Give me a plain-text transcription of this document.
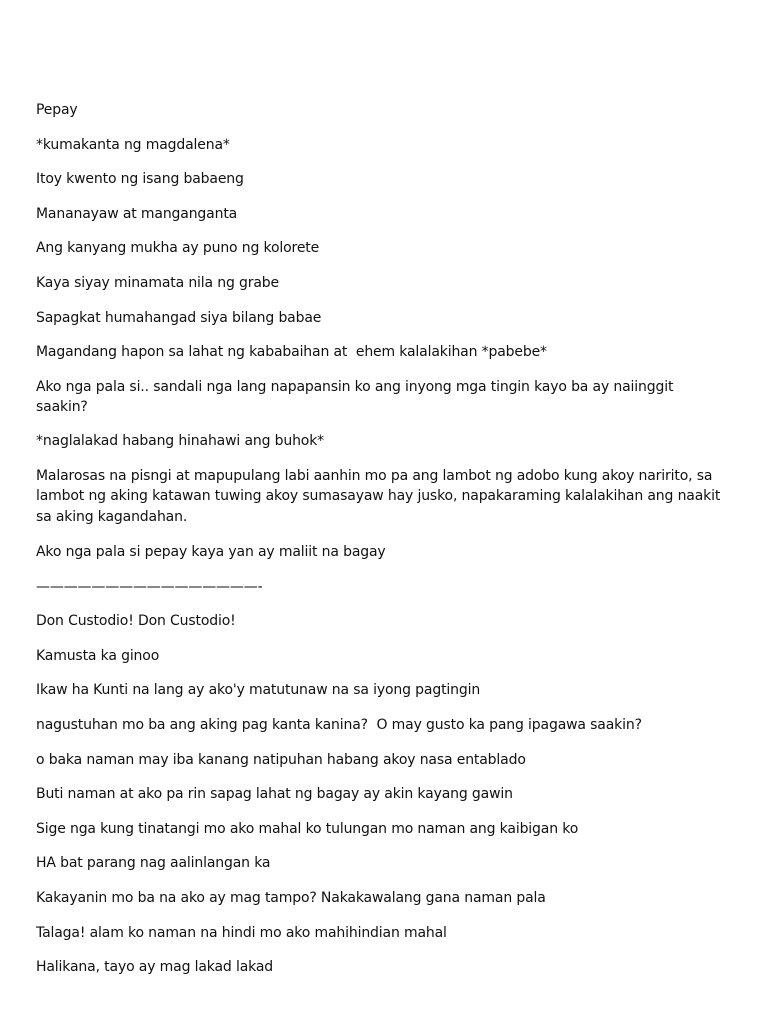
Pepay

*kumakanta ng magdalena*

Itoy kwento ng isang babaeng

Mananayaw at manganganta

Ang kanyang mukha ay puno ng kolorete

Kaya siyay minamata nila ng grabe

Sapagkat humahangad siya bilang babae

Magandang hapon sa lahat ng kababaihan at  ehem kalalakihan *pabebe*

Ako nga pala si.. sandali nga lang napapansin ko ang inyong mga tingin kayo ba ay naiinggit saakin?

*naglalakad habang hinahawi ang buhok*

Malarosas na pisngi at mapupulang labi aanhin mo pa ang lambot ng adobo kung akoy naririto, sa lambot ng aking katawan tuwing akoy sumasayaw hay jusko, napakaraming kalalakihan ang naakit sa aking kagandahan.

Ako nga pala si pepay kaya yan ay maliit na bagay

————————————————-

Don Custodio! Don Custodio!

Kamusta ka ginoo

Ikaw ha Kunti na lang ay ako'y matutunaw na sa iyong pagtingin

nagustuhan mo ba ang aking pag kanta kanina?  O may gusto ka pang ipagawa saakin?

o baka naman may iba kanang natipuhan habang akoy nasa entablado

Buti naman at ako pa rin sapag lahat ng bagay ay akin kayang gawin

Sige nga kung tinatangi mo ako mahal ko tulungan mo naman ang kaibigan ko

HA bat parang nag aalinlangan ka

Kakayanin mo ba na ako ay mag tampo? Nakakawalang gana naman pala

Talaga! alam ko naman na hindi mo ako mahihindian mahal

Halikana, tayo ay mag lakad lakad
